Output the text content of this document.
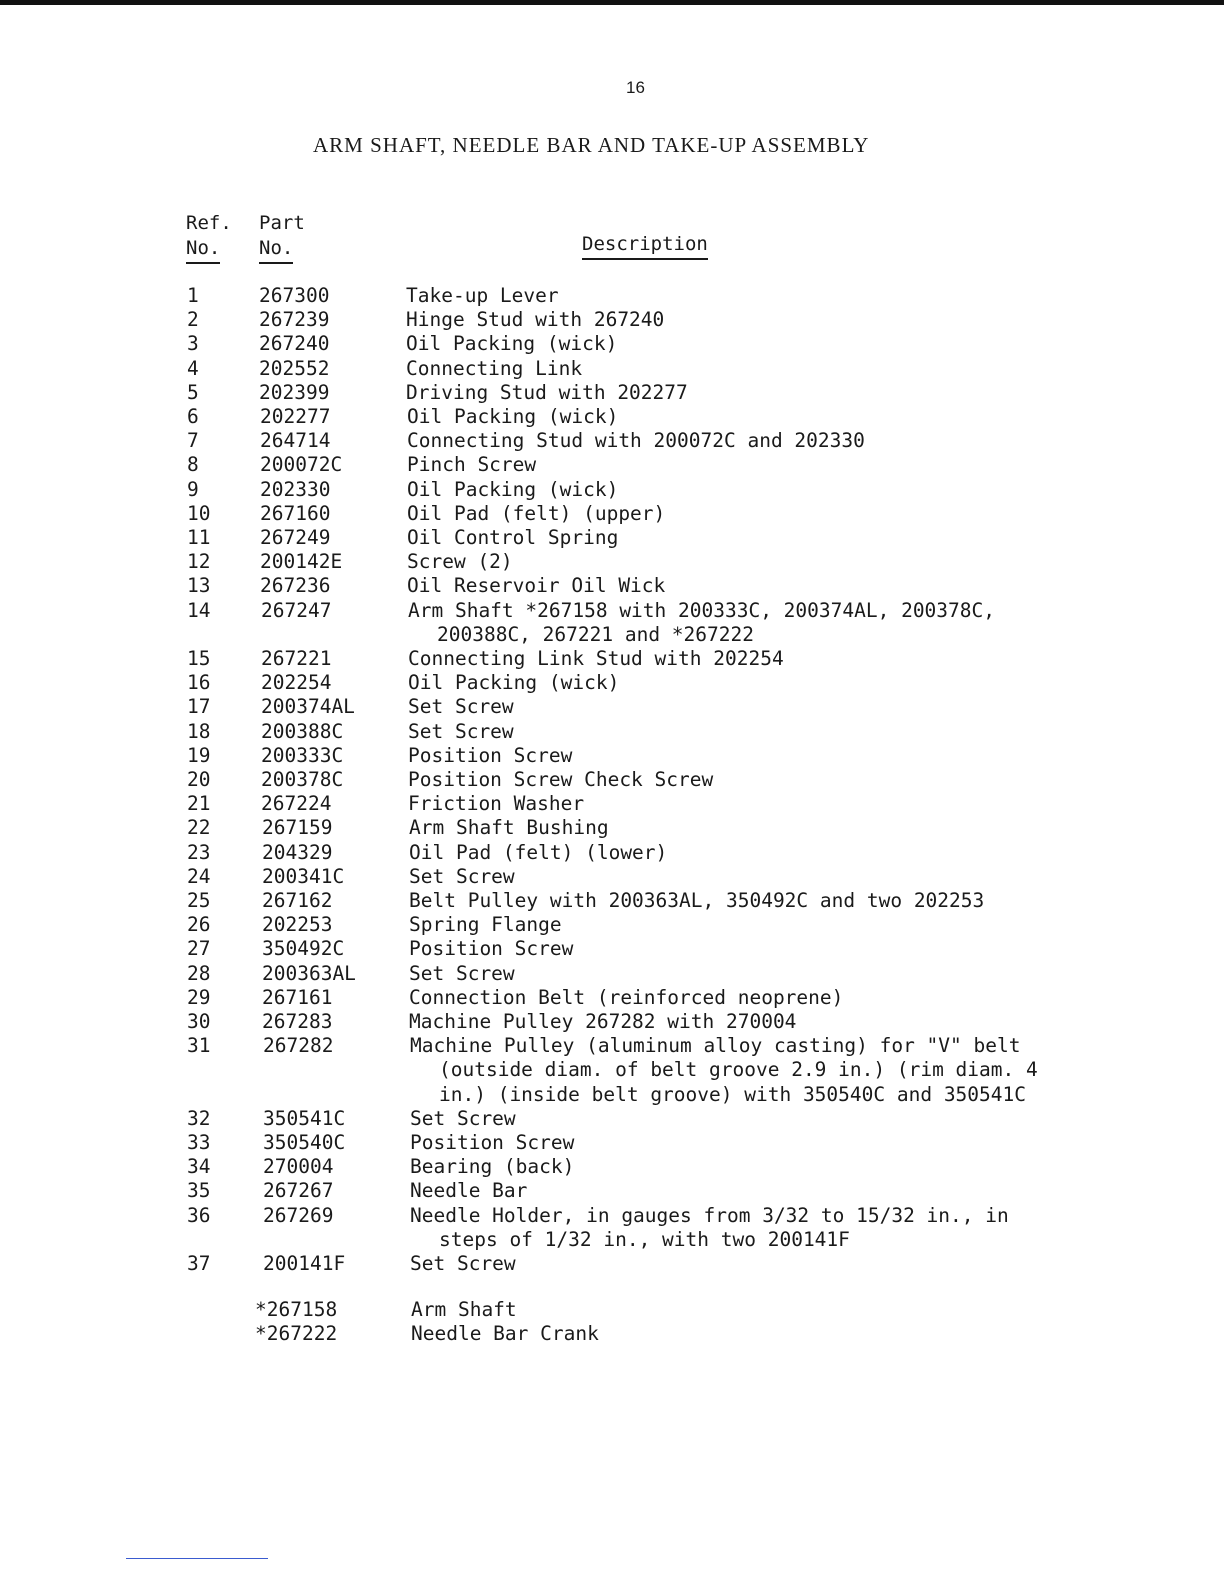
16
ARM SHAFT, NEEDLE BAR AND TAKE-UP ASSEMBLY
Ref.
No.
Part
No.	Description
1	267300	Take-up Lever
2	267239	Hinge Stud with 267240
3	267240	Oil Packing (wick)
4	202552	Connecting Link
5	202399	Driving Stud with 202277
6	202277	Oil Packing (wick)
7	264714	Connecting Stud with 200072C and 202330
8	200072C	Pinch Screw
9	202330	Oil Packing (wick)
10	267160	Oil Pad (felt) (upper)
11	267249	Oil Control Spring
12	200142E	Screw (2)
13	267236	Oil Reservoir Oil Wick
14	267247	Arm Shaft *267158 with 200333C, 200374AL, 200378C,
200388C, 267221 and *267222
15	267221	Connecting Link Stud with 202254
16	202254	Oil Packing (wick)
17	200374AL	Set Screw
18	200388C	Set Screw
19	200333C	Position Screw
20	200378C	Position Screw Check Screw
21	267224	Friction Washer
22	267159	Arm Shaft Bushing
23	204329	Oil Pad (felt) (lower)
24	200341C	Set Screw
25	267162	Belt Pulley with 200363AL, 350492C and two 202253
26	202253	Spring Flange
27	350492C	Position Screw
28	200363AL	Set Screw
29	267161	Connection Belt (reinforced neoprene)
30	267283	Machine Pulley 267282 with 270004
31	267282	Machine Pulley (aluminum alloy casting) for "V" belt
(outside diam. of belt groove 2.9 in.) (rim diam. 4
in.) (inside belt groove) with 350540C and 350541C
32	350541C	Set Screw
33	350540C	Position Screw
34	270004	Bearing (back)
35	267267	Needle Bar
36	267269	Needle Holder, in gauges from 3/32 to 15/32 in., in
steps of 1/32 in., with two 200141F
37	200141F	Set Screw
*267158	Arm Shaft
*267222	Needle Bar Crank
